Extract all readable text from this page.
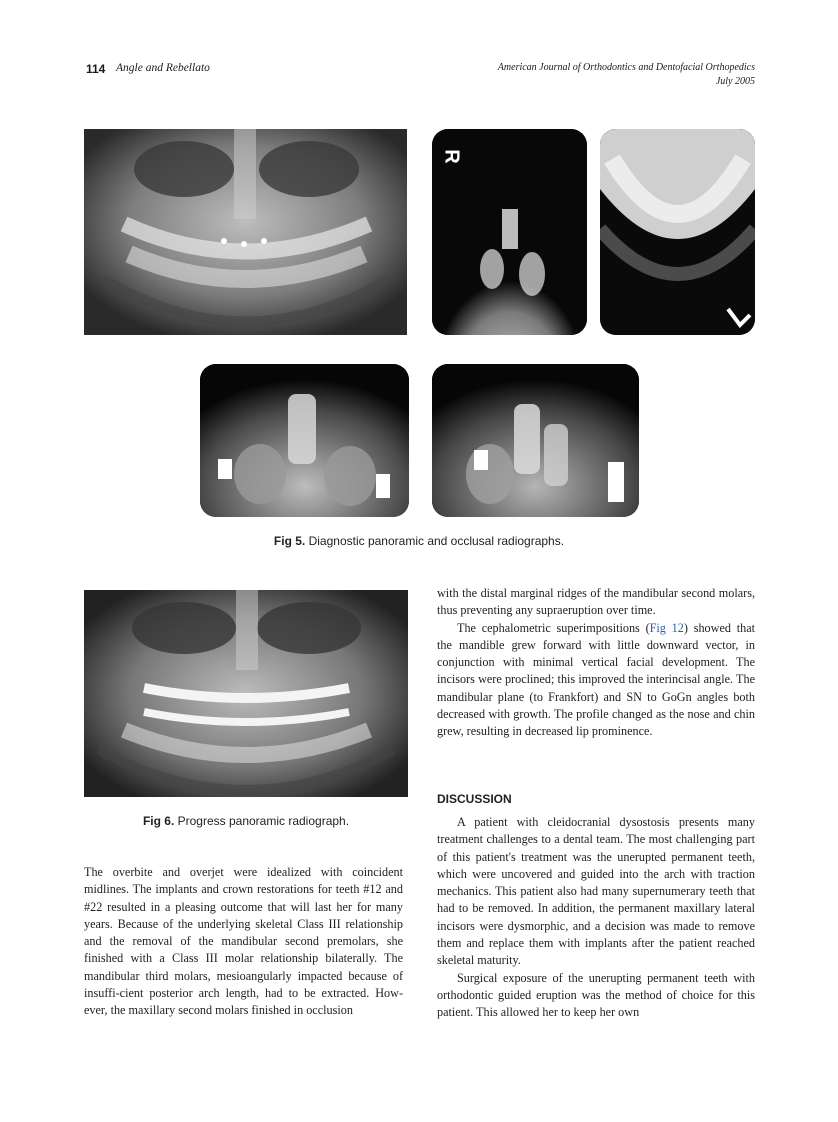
114 Angle and Rebellato	American Journal of Orthodontics and Dentofacial Orthopedics
July 2005
R
Fig 5. Diagnostic panoramic and occlusal radiographs.
Fig 6. Progress panoramic radiograph.

The overbite and overjet were idealized with coincident midlines. The implants and crown restorations for teeth #12 and #22 resulted in a pleasing outcome that will last her for many years. Because of the underlying skeletal Class III relationship and the removal of the mandibular second premolars, she finished with a Class III molar relationship bilaterally. The mandibular third molars, mesioangularly impacted because of insuffi-cient posterior arch length, had to be extracted. How-ever, the maxillary second molars finished in occlusion

with the distal marginal ridges of the mandibular second molars, thus preventing any supraeruption over time.

The cephalometric superimpositions (Fig 12) showed that the mandible grew forward with little downward vector, in conjunction with minimal vertical facial development. The incisors were proclined; this improved the interincisal angle. The mandibular plane (to Frankfort) and SN to GoGn angles both decreased with growth. The profile changed as the nose and chin grew, resulting in decreased lip prominence.

DISCUSSION

A patient with cleidocranial dysostosis presents many treatment challenges to a dental team. The most challenging part of this patient's treatment was the unerupted permanent teeth, which were uncovered and guided into the arch with traction mechanics. This patient also had many supernumerary teeth that had to be removed. In addition, the permanent maxillary lateral incisors were dysmorphic, and a decision was made to remove them and replace them with implants after the patient reached skeletal maturity.

Surgical exposure of the unerupting permanent teeth with orthodontic guided eruption was the method of choice for this patient. This allowed her to keep her own
